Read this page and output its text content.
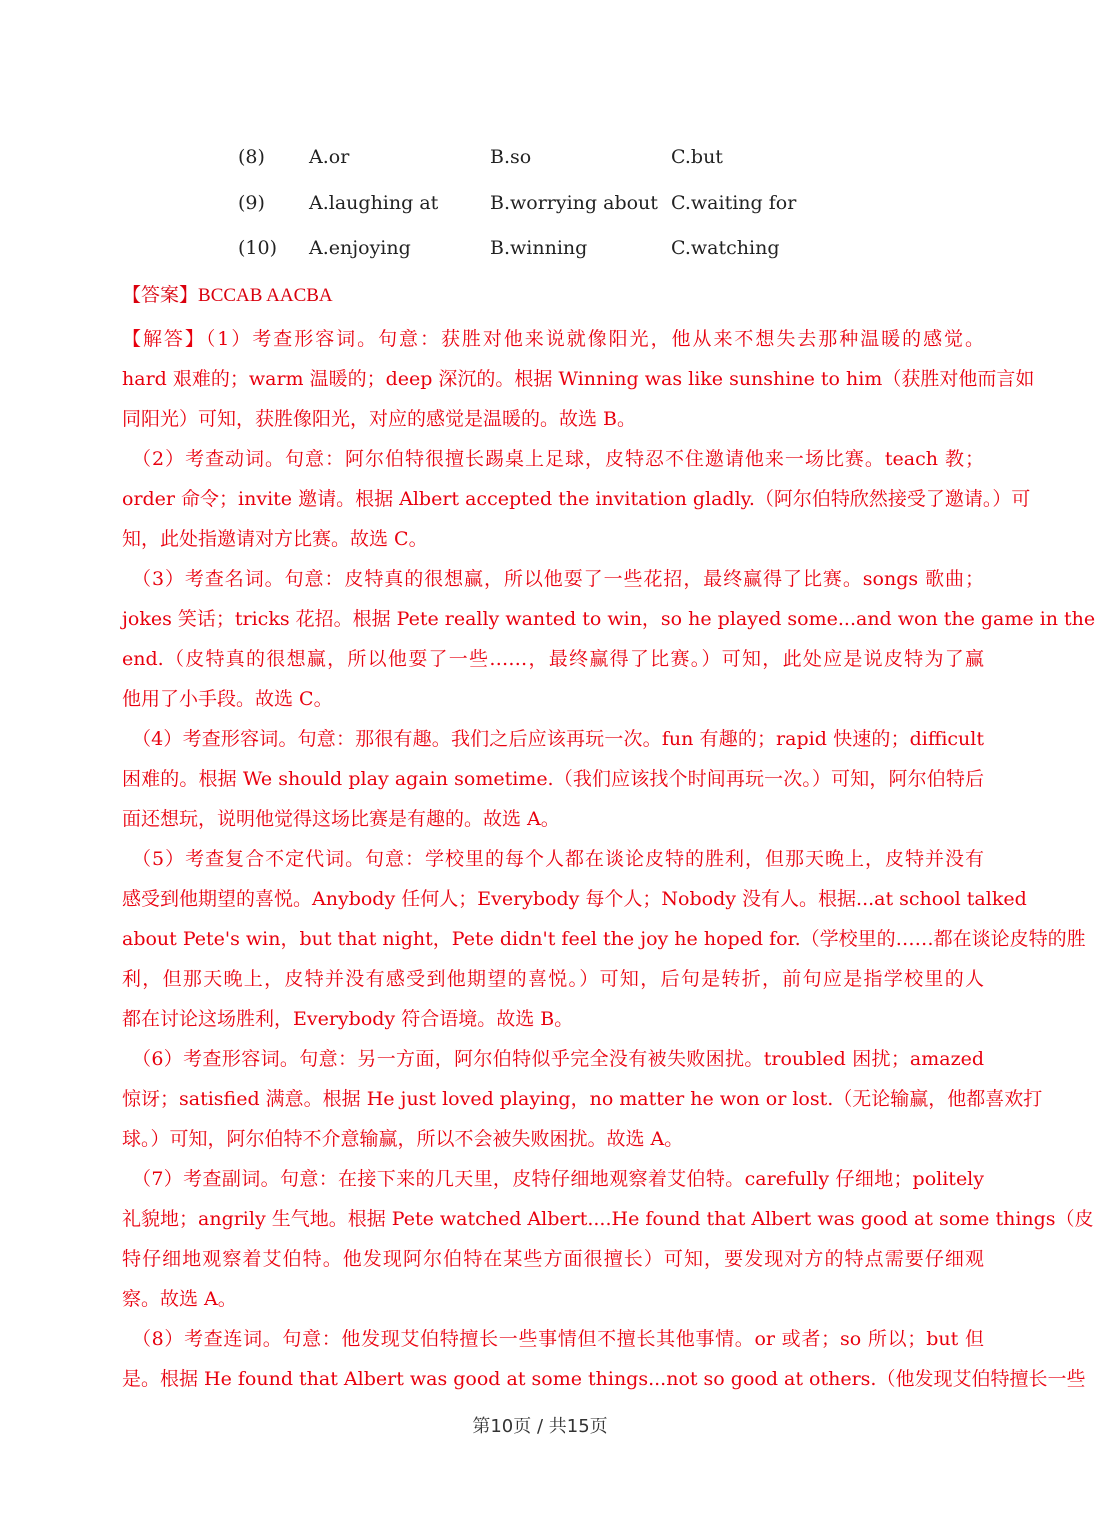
(8) A.or	B.so	C.but
(9) A.laughing at	B.worrying about C.waiting for
(10) A.enjoying	B.winning	C.watching
【答案】BCCAB AACBA
【解答】（1）考查形容词。句意：获胜对他来说就像阳光，他从来不想失去那种温暖的感觉。
hard 艰难的；warm 温暖的；deep 深沉的。根据 Winning was like sunshine to him（获胜对他而言如
同阳光）可知，获胜像阳光，对应的感觉是温暖的。故选 B。
（2）考查动词。句意：阿尔伯特很擅长踢桌上足球，皮特忍不住邀请他来一场比赛。teach 教；
order 命令；invite 邀请。根据 Albert accepted the invitation gladly.（阿尔伯特欣然接受了邀请。）可
知，此处指邀请对方比赛。故选 C。
（3）考查名词。句意：皮特真的很想赢，所以他耍了一些花招，最终赢得了比赛。songs 歌曲；
jokes 笑话；tricks 花招。根据 Pete really wanted to win，so he played some...and won the game in the
end.（皮特真的很想赢，所以他耍了一些……，最终赢得了比赛。）可知，此处应是说皮特为了赢
他用了小手段。故选 C。
（4）考查形容词。句意：那很有趣。我们之后应该再玩一次。fun 有趣的；rapid 快速的；difficult
困难的。根据 We should play again sometime.（我们应该找个时间再玩一次。）可知，阿尔伯特后
面还想玩，说明他觉得这场比赛是有趣的。故选 A。
（5）考查复合不定代词。句意：学校里的每个人都在谈论皮特的胜利，但那天晚上，皮特并没有
感受到他期望的喜悦。Anybody 任何人；Everybody 每个人；Nobody 没有人。根据...at school talked
about Pete's win，but that night，Pete didn't feel the joy he hoped for.（学校里的……都在谈论皮特的胜
利，但那天晚上，皮特并没有感受到他期望的喜悦。）可知，后句是转折，前句应是指学校里的人
都在讨论这场胜利，Everybody 符合语境。故选 B。
（6）考查形容词。句意：另一方面，阿尔伯特似乎完全没有被失败困扰。troubled 困扰；amazed
惊讶；satisfied 满意。根据 He just loved playing，no matter he won or lost.（无论输赢，他都喜欢打
球。）可知，阿尔伯特不介意输赢，所以不会被失败困扰。故选 A。
（7）考查副词。句意：在接下来的几天里，皮特仔细地观察着艾伯特。carefully 仔细地；politely
礼貌地；angrily 生气地。根据 Pete watched Albert....He found that Albert was good at some things（皮
特仔细地观察着艾伯特。他发现阿尔伯特在某些方面很擅长）可知，要发现对方的特点需要仔细观
察。故选 A。
（8）考查连词。句意：他发现艾伯特擅长一些事情但不擅长其他事情。or 或者；so 所以；but 但
是。根据 He found that Albert was good at some things...not so good at others.（他发现艾伯特擅长一些
第10页 / 共15页
